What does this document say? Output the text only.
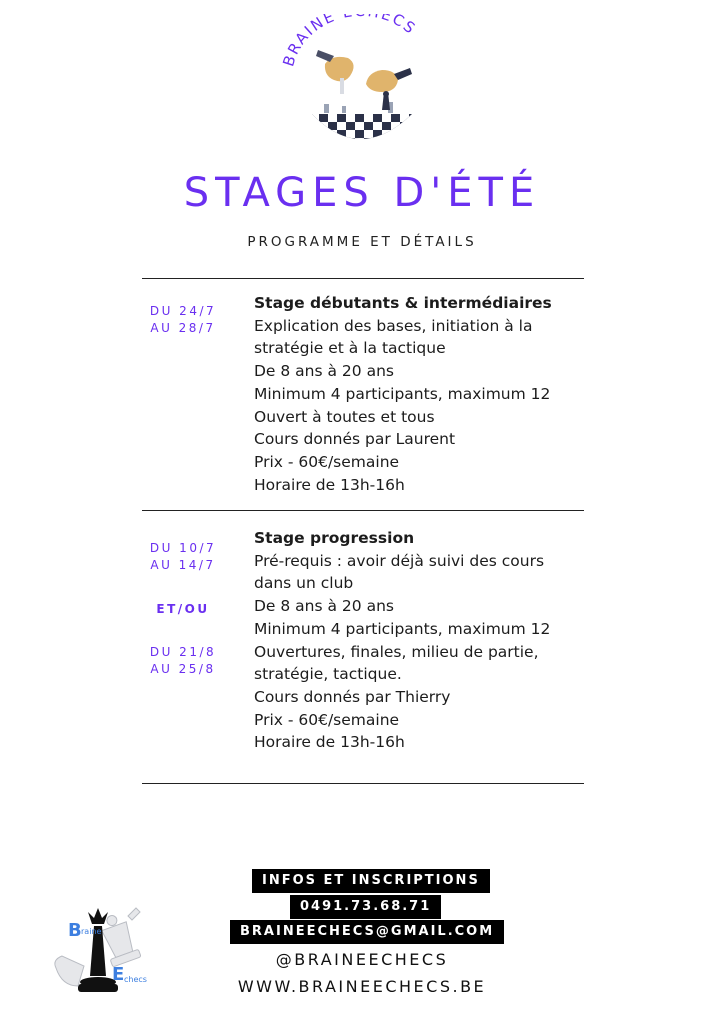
BRAINE ECS
STAGES D'ÉTÉ
PROGRAMME ET DÉTAILS
DU 24/7
AU 28/7
Stage débutants & intermédiaires
Explication des bases, initiation à la
stratégie et à la tactique
De 8 ans à 20 ans
Minimum 4 participants, maximum 12
Ouvert à toutes et tous
Cours donnés par Laurent
Prix - 60€/semaine
Horaire de 13h-16h
DU 10/7
AU 14/7
ET/OU
DU 21/8
AU 25/8
Stage progression
Pré-requis : avoir déjà suivi des cours
dans un club
De 8 ans à 20 ans
Minimum 4 participants, maximum 12
Ouvertures, finales, milieu de partie,
stratégie, tactique.
Cours donnés par Thierry
Prix - 60€/semaine
Horaire de 13h-16h
INFOS ET INSCRIPTIONS
0491.73.68.71
BRAINEECHECS@GMAIL.COM
@BRAINEECHECS
WWW.BRAINEECHECS.BE
B raine
E checs
